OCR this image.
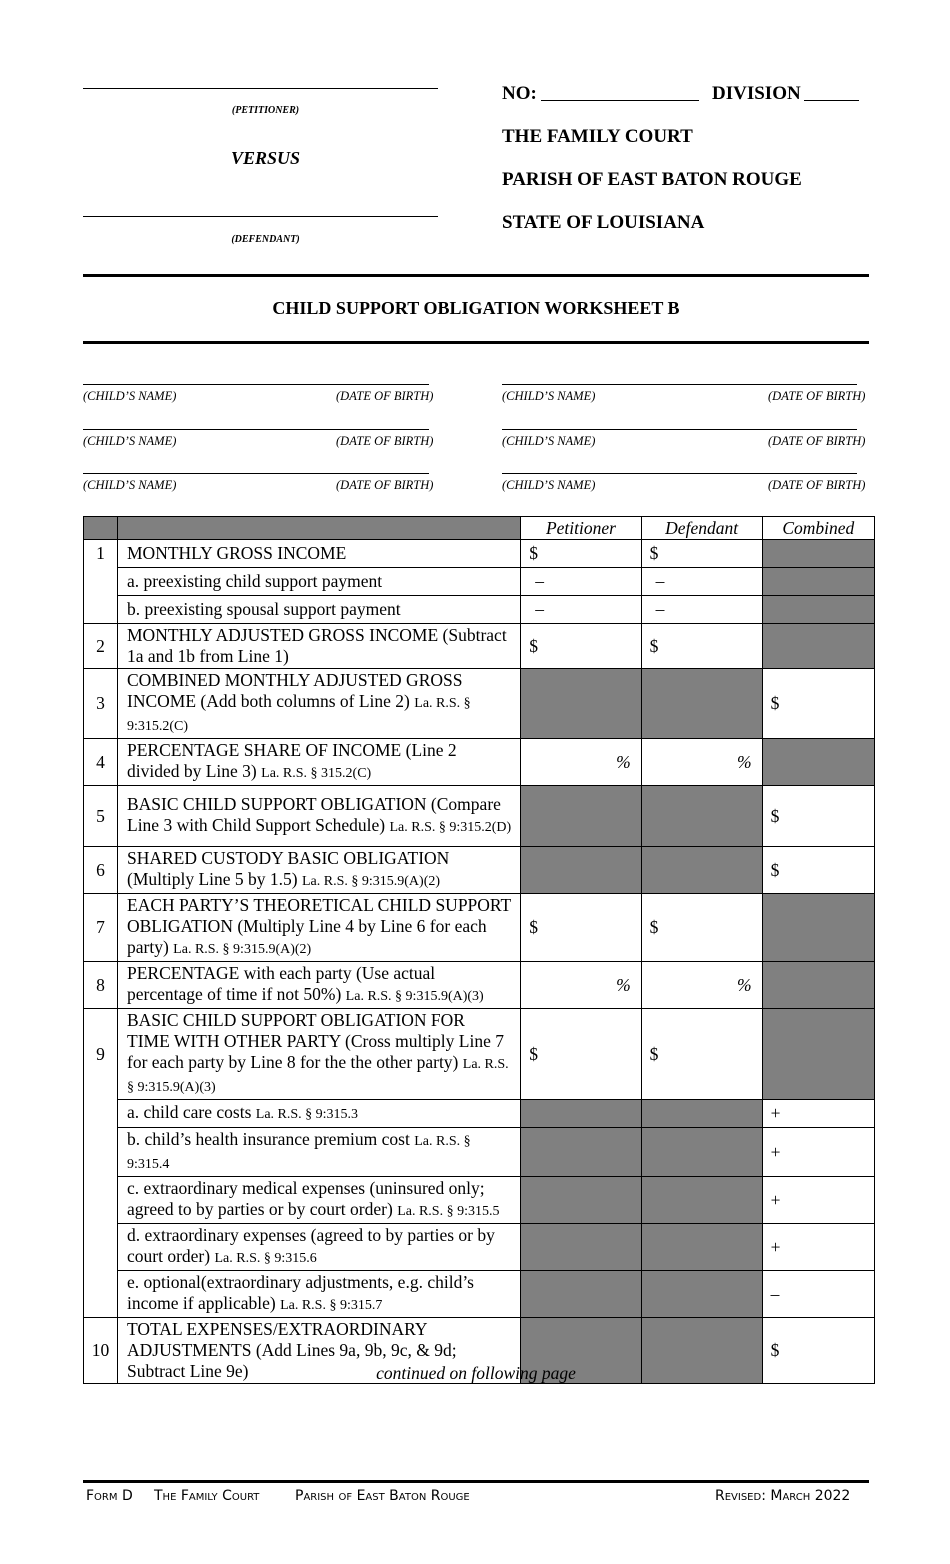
(PETITIONER)
VERSUS
(DEFENDANT)
NO:	DIVISION
THE FAMILY COURT
PARISH OF EAST BATON ROUGE
STATE OF LOUISIANA
CHILD SUPPORT OBLIGATION WORKSHEET B
(CHILD’S NAME)	(DATE OF BIRTH)	(CHILD’S NAME)	(DATE OF BIRTH)
(CHILD’S NAME)	(DATE OF BIRTH)	(CHILD’S NAME)	(DATE OF BIRTH)
(CHILD’S NAME)	(DATE OF BIRTH)	(CHILD’S NAME)	(DATE OF BIRTH)
		Petitioner	Defendant	Combined
1	MONTHLY GROSS INCOME	$	$	
	a. preexisting child support payment	–	–	
	b. preexisting spousal support payment	–	–	
2	MONTHLY ADJUSTED GROSS INCOME (Subtract 1a and 1b from Line 1)	$	$	
3	COMBINED MONTHLY ADJUSTED GROSS INCOME (Add both columns of Line 2) La. R.S. § 9:315.2(C)			$
4	PERCENTAGE SHARE OF INCOME (Line 2 divided by Line 3) La. R.S. § 315.2(C)	%	%	
5	BASIC CHILD SUPPORT OBLIGATION (Compare Line 3 with Child Support Schedule) La. R.S. § 9:315.2(D)			$
6	SHARED CUSTODY BASIC OBLIGATION (Multiply Line 5 by 1.5) La. R.S. § 9:315.9(A)(2)			$
7	EACH PARTY’S THEORETICAL CHILD SUPPORT OBLIGATION (Multiply Line 4 by Line 6 for each party) La. R.S. § 9:315.9(A)(2)	$	$	
8	PERCENTAGE with each party (Use actual percentage of time if not 50%) La. R.S. § 9:315.9(A)(3)	%	%	
9	BASIC CHILD SUPPORT OBLIGATION FOR TIME WITH OTHER PARTY (Cross multiply Line 7 for each party by Line 8 for the the other party) La. R.S. § 9:315.9(A)(3)	$	$	
	a. child care costs La. R.S. § 9:315.3			+
	b. child’s health insurance premium cost La. R.S. § 9:315.4			+
	c. extraordinary medical expenses (uninsured only; agreed to by parties or by court order) La. R.S. § 9:315.5			+
	d. extraordinary expenses (agreed to by parties or by court order) La. R.S. § 9:315.6			+
	e. optional(extraordinary adjustments, e.g. child’s income if applicable) La. R.S. § 9:315.7			–
10	TOTAL EXPENSES/EXTRAORDINARY ADJUSTMENTS (Add Lines 9a, 9b, 9c, & 9d; Subtract Line 9e)			$
continued on following page
Form D The Family Court	Parish of East Baton Rouge	Revised: March 2022
